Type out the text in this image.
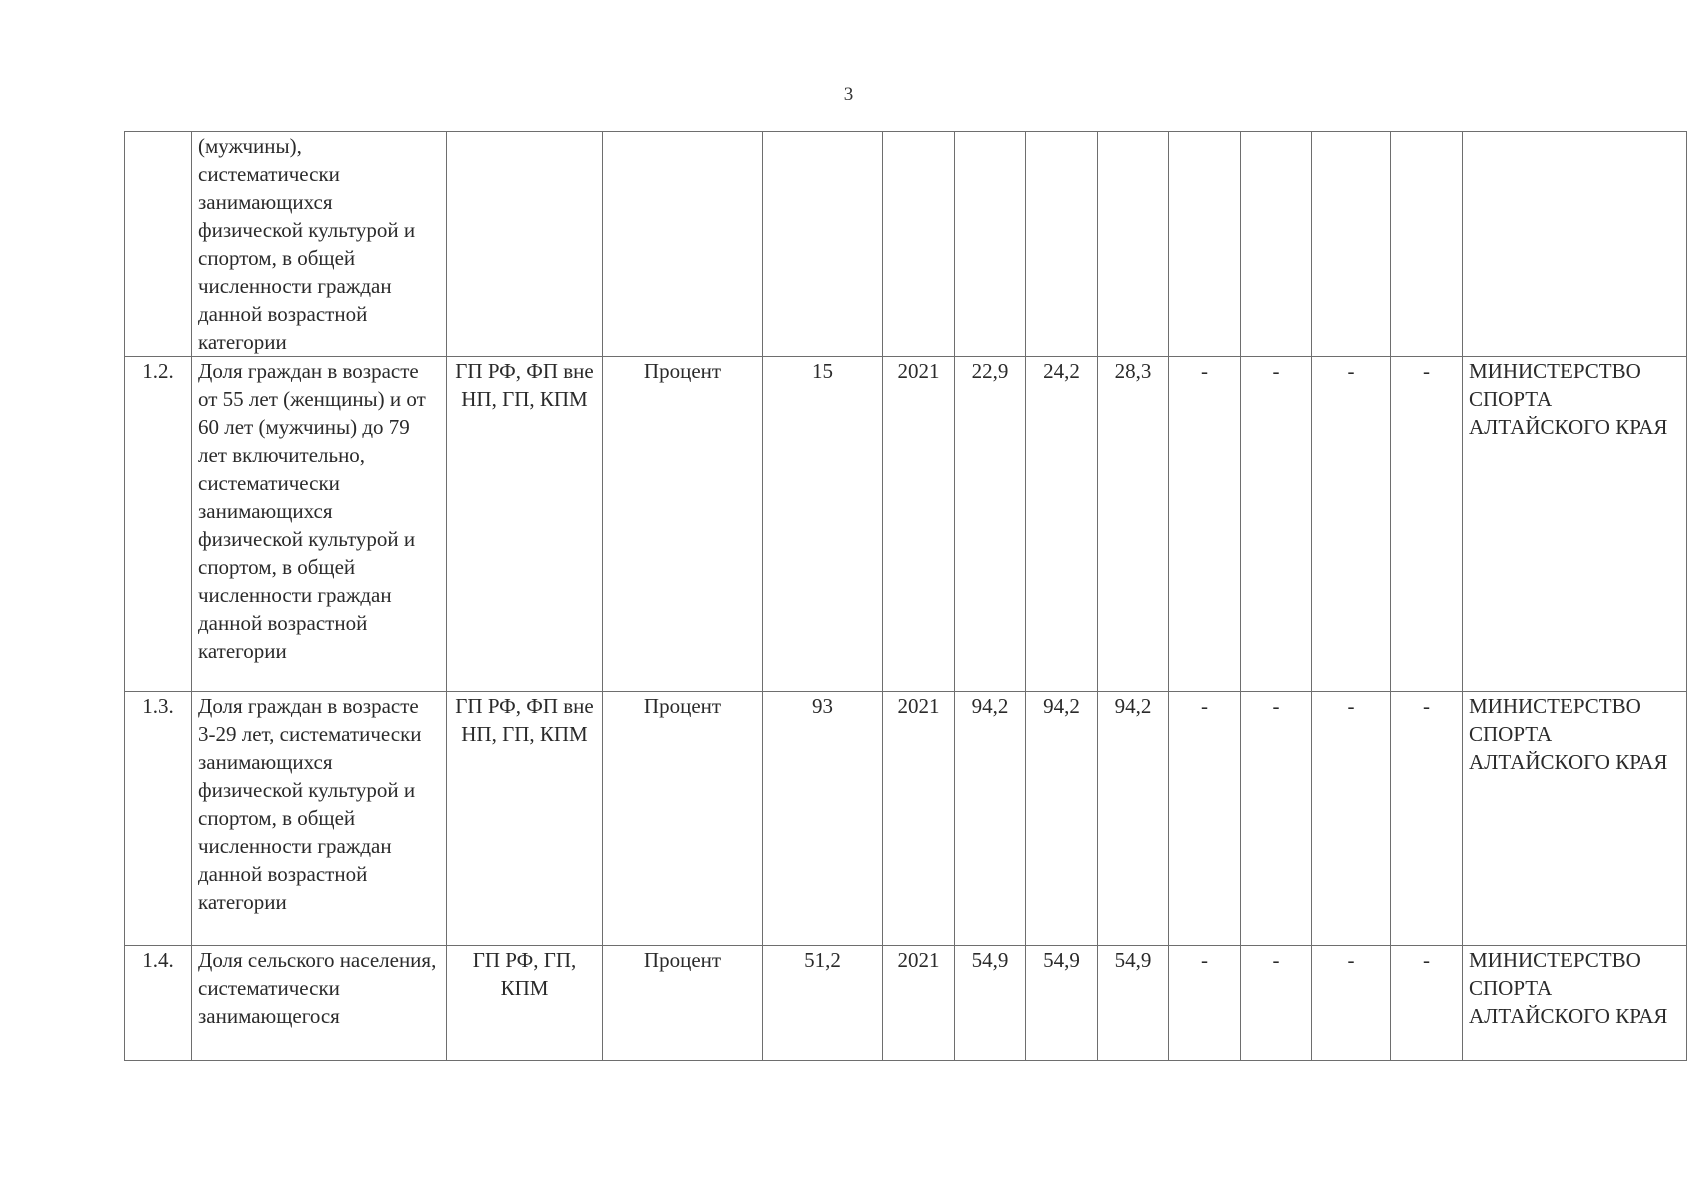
3
	(мужчины), систематически занимающихся физической культурой и спортом, в общей численности граждан данной возрастной категории												
1.2.	Доля граждан в возрасте от 55 лет (женщины) и от 60 лет (мужчины) до 79 лет включительно, систематически занимающихся физической культурой и спортом, в общей численности граждан данной возрастной категории	ГП РФ, ФП вне НП, ГП, КПМ	Процент	15	2021	22,9	24,2	28,3	-	-	-	-	МИНИСТЕРСТВО СПОРТА АЛТАЙСКОГО КРАЯ
1.3.	Доля граждан в возрасте 3-29 лет, систематически занимающихся физической культурой и спортом, в общей численности граждан данной возрастной категории	ГП РФ, ФП вне НП, ГП, КПМ	Процент	93	2021	94,2	94,2	94,2	-	-	-	-	МИНИСТЕРСТВО СПОРТА АЛТАЙСКОГО КРАЯ
1.4.	Доля сельского населения, систематически занимающегося	ГП РФ, ГП, КПМ	Процент	51,2	2021	54,9	54,9	54,9	-	-	-	-	МИНИСТЕРСТВО СПОРТА АЛТАЙСКОГО КРАЯ
